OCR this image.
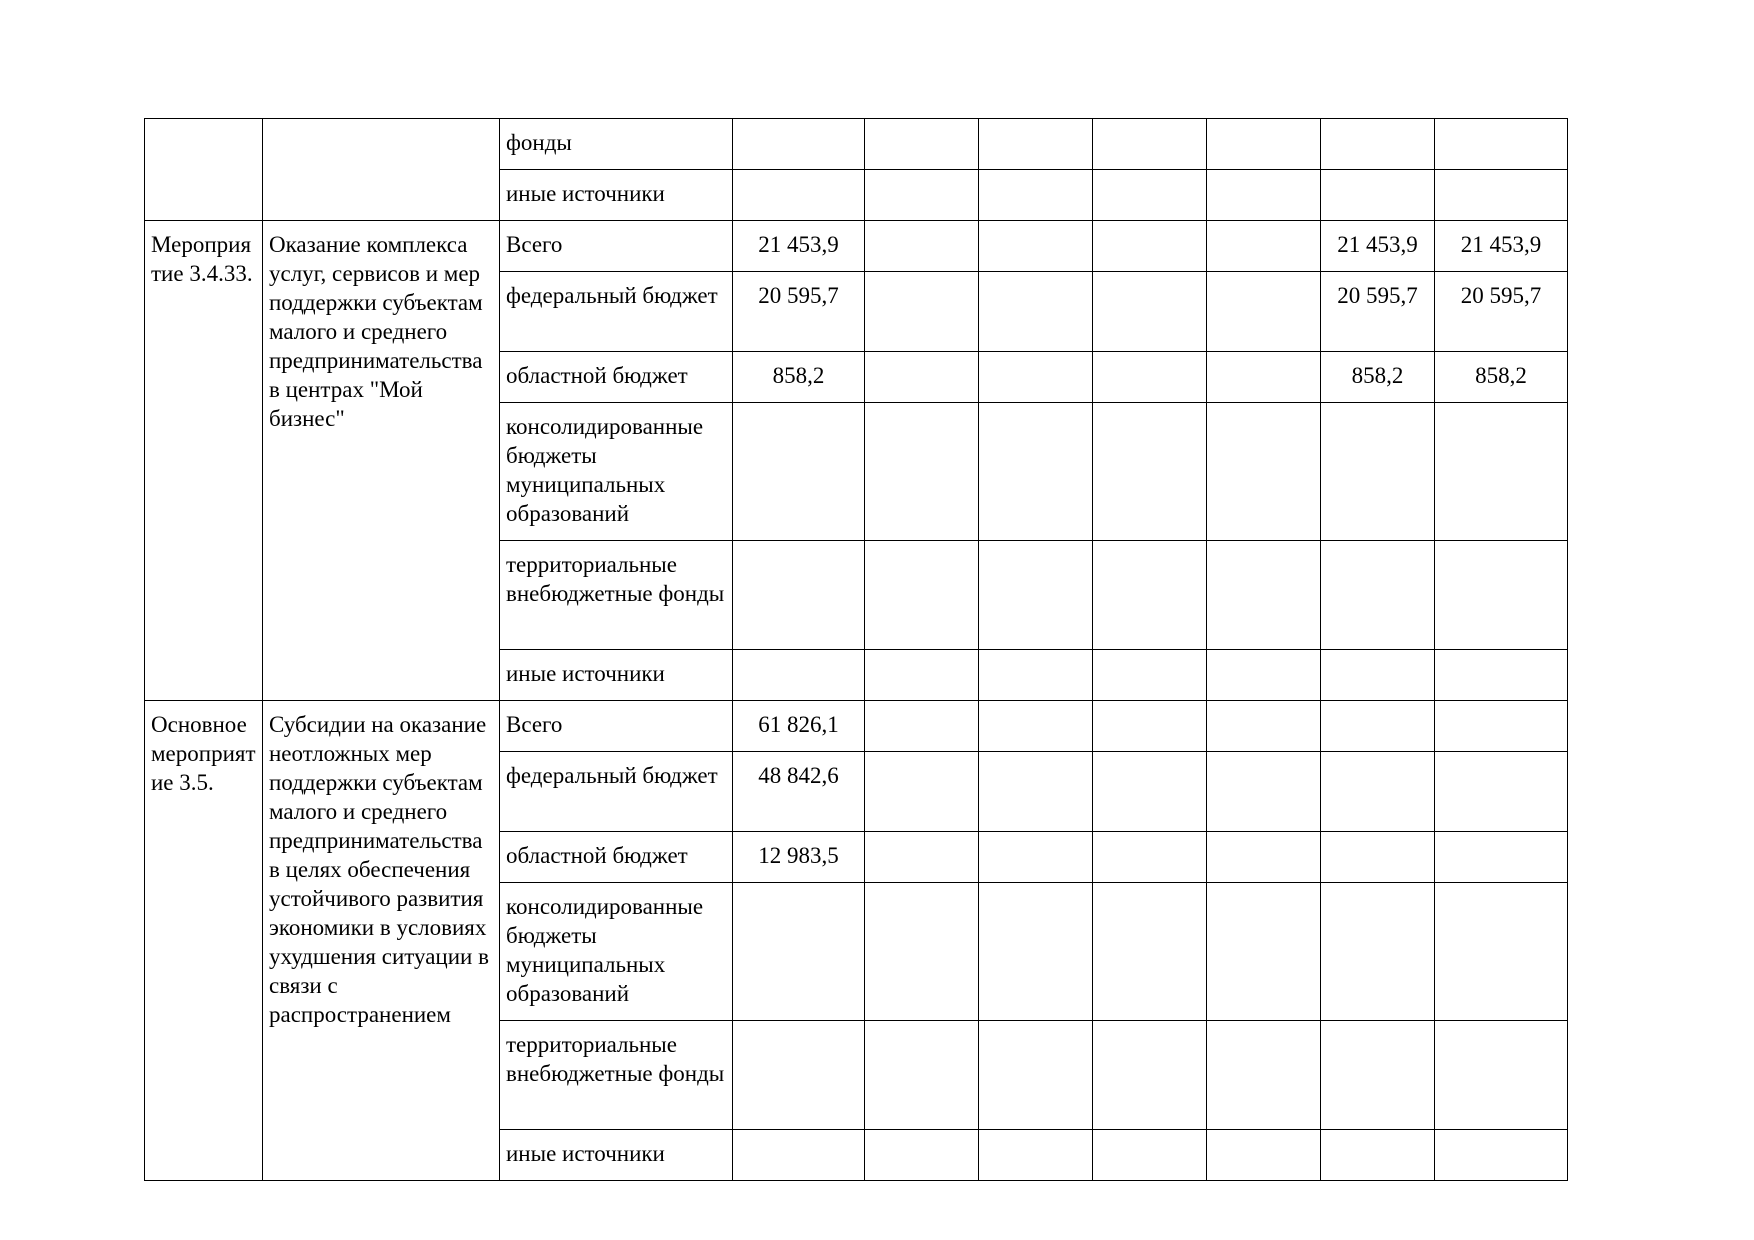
		фонды							
		иные источники							
Мероприятие 3.4.33.	Оказание комплекса услуг, сервисов и мер поддержки субъектам малого и среднего предпринимательства в центрах "Мой бизнес"	Всего	21 453,9					21 453,9	21 453,9
		федеральный бюджет	20 595,7					20 595,7	20 595,7
		областной бюджет	858,2					858,2	858,2
		консолидированные бюджеты муниципальных образований							
		территориальные внебюджетные фонды							
		иные источники							
Основное мероприятие 3.5.	Субсидии на оказание неотложных мер поддержки субъектам малого и среднего предпринимательства в целях обеспечения устойчивого развития экономики в условиях ухудшения ситуации в связи с распространением	Всего	61 826,1						
		федеральный бюджет	48 842,6						
		областной бюджет	12 983,5						
		консолидированные бюджеты муниципальных образований							
		территориальные внебюджетные фонды							
		иные источники							
